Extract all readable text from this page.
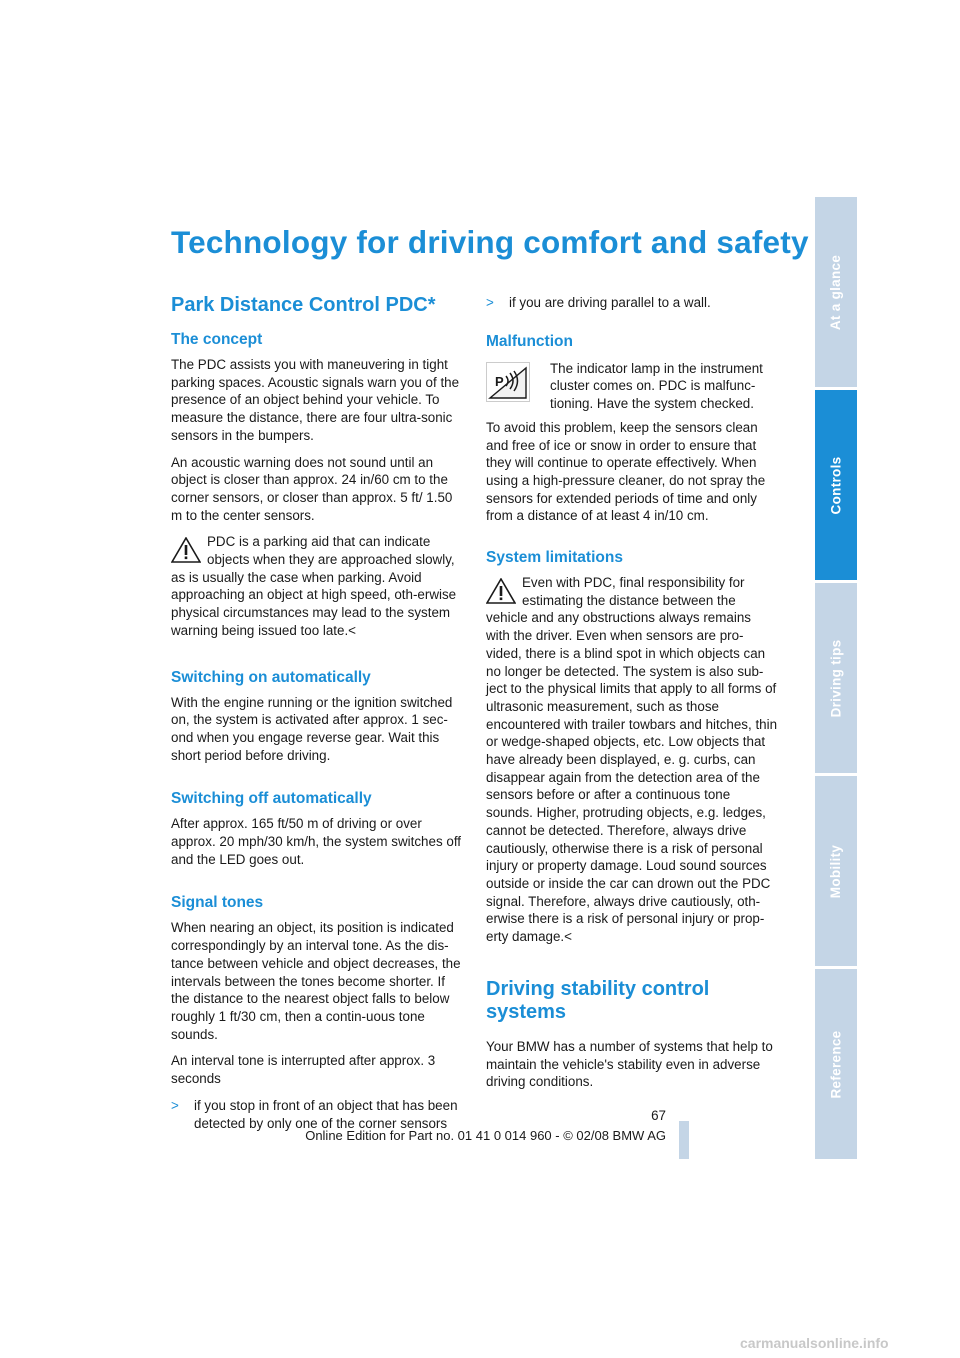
Technology for driving comfort and safety
Park Distance Control PDC*
The concept

The PDC assists you with maneuvering in tight parking spaces. Acoustic signals warn you of the presence of an object behind your vehicle. To measure the distance, there are four ultra-sonic sensors in the bumpers.

An acoustic warning does not sound until an object is closer than approx. 24 in/60 cm to the corner sensors, or closer than approx. 5 ft/ 1.50 m to the center sensors.

PDC is a parking aid that can indicate objects when they are approached slowly, as is usually the case when parking. Avoid approaching an object at high speed, oth-erwise physical circumstances may lead to the system warning being issued too late.<

Switching on automatically

With the engine running or the ignition switched on, the system is activated after approx. 1 sec-ond when you engage reverse gear. Wait this short period before driving.

Switching off automatically

After approx. 165 ft/50 m of driving or over approx. 20 mph/30 km/h, the system switches off and the LED goes out.

Signal tones

When nearing an object, its position is indicated correspondingly by an interval tone. As the dis-tance between vehicle and object decreases, the intervals between the tones become shorter. If the distance to the nearest object falls to below roughly 1 ft/30 cm, then a contin-uous tone sounds.

An interval tone is interrupted after approx. 3 seconds

> if you stop in front of an object that has been detected by only one of the corner sensors

> if you are driving parallel to a wall.

Malfunction
P

The indicator lamp in the instrument cluster comes on. PDC is malfunc-tioning. Have the system checked.

To avoid this problem, keep the sensors clean and free of ice or snow in order to ensure that they will continue to operate effectively. When using a high-pressure cleaner, do not spray the sensors for extended periods of time and only from a distance of at least 4 in/10 cm.

System limitations

Even with PDC, final responsibility for estimating the distance between the vehicle and any obstructions always remains with the driver. Even when sensors are pro-vided, there is a blind spot in which objects can no longer be detected. The system is also sub-ject to the physical limits that apply to all forms of ultrasonic measurement, such as those encountered with trailer towbars and hitches, thin or wedge-shaped objects, etc. Low objects that have already been displayed, e. g. curbs, can disappear again from the detection area of the sensors before or after a continuous tone sounds. Higher, protruding objects, e.g. ledges, cannot be detected. Therefore, always drive cautiously, otherwise there is a risk of personal injury or property damage. Loud sound sources outside or inside the car can drown out the PDC signal. Therefore, always drive cautiously, oth-erwise there is a risk of personal injury or prop-erty damage.<

Driving stability control systems

Your BMW has a number of systems that help to maintain the vehicle's stability even in adverse driving conditions.

At a glance
Controls
Driving tips
Mobility
Reference
67
Online Edition for Part no. 01 41 0 014 960 - © 02/08 BMW AG
carmanualsonline.info
